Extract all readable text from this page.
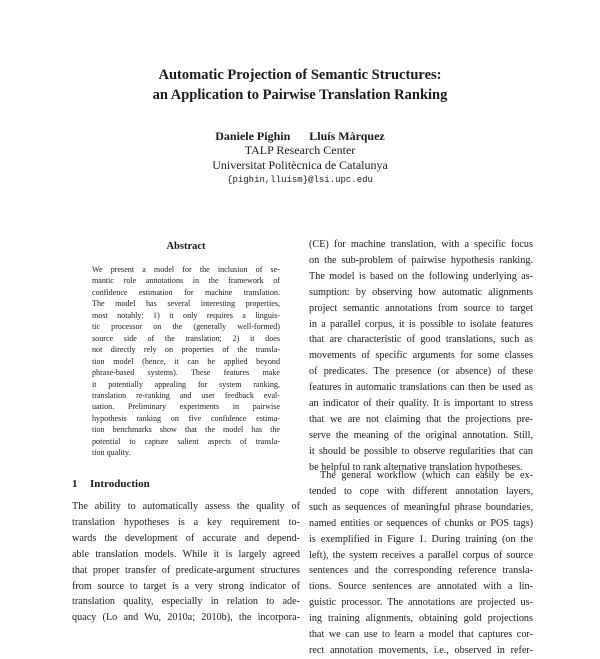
Automatic Projection of Semantic Structures:
an Application to Pairwise Translation Ranking
Daniele Pighin Lluís Màrquez
TALP Research Center
Universitat Politècnica de Catalunya
{pighin,lluism}@lsi.upc.edu
Abstract
We present a model for the inclusion of se-
mantic role annotations in the framework of
confidence estimation for machine translation.
The model has several interesting properties,
most notably: 1) it only requires a linguis-
tic processor on the (generally well-formed)
source side of the translation; 2) it does
not directly rely on properties of the transla-
tion model (hence, it can be applied beyond
phrase-based systems). These features make
it potentially appealing for system ranking,
translation re-ranking and user feedback eval-
uation. Preliminary experiments in pairwise
hypothesis ranking on five confidence estima-
tion benchmarks show that the model has the
potential to capture salient aspects of transla-
tion quality.
1 Introduction
The ability to automatically assess the quality of
translation hypotheses is a key requirement to-
wards the development of accurate and depend-
able translation models. While it is largely agreed
that proper transfer of predicate-argument structures
from source to target is a very strong indicator of
translation quality, especially in relation to ade-
quacy (Lo and Wu, 2010a; 2010b), the incorpora-
(CE) for machine translation, with a specific focus
on the sub-problem of pairwise hypothesis ranking.
The model is based on the following underlying as-
sumption: by observing how automatic alignments
project semantic annotations from source to target
in a parallel corpus, it is possible to isolate features
that are characteristic of good translations, such as
movements of specific arguments for some classes
of predicates. The presence (or absence) of these
features in automatic translations can then be used as
an indicator of their quality. It is important to stress
that we are not claiming that the projections pre-
serve the meaning of the original annotation. Still,
it should be possible to observe regularities that can
be helpful to rank alternative translation hypotheses.
The general workflow (which can easily be ex-
tended to cope with different annotation layers,
such as sequences of meaningful phrase boundaries,
named entities or sequences of chunks or POS tags)
is exemplified in Figure 1. During training (on the
left), the system receives a parallel corpus of source
sentences and the corresponding reference transla-
tions. Source sentences are annotated with a lin-
guistic processor. The annotations are projected us-
ing training alignments, obtaining gold projections
that we can use to learn a model that captures cor-
rect annotation movements, i.e., observed in refer-
